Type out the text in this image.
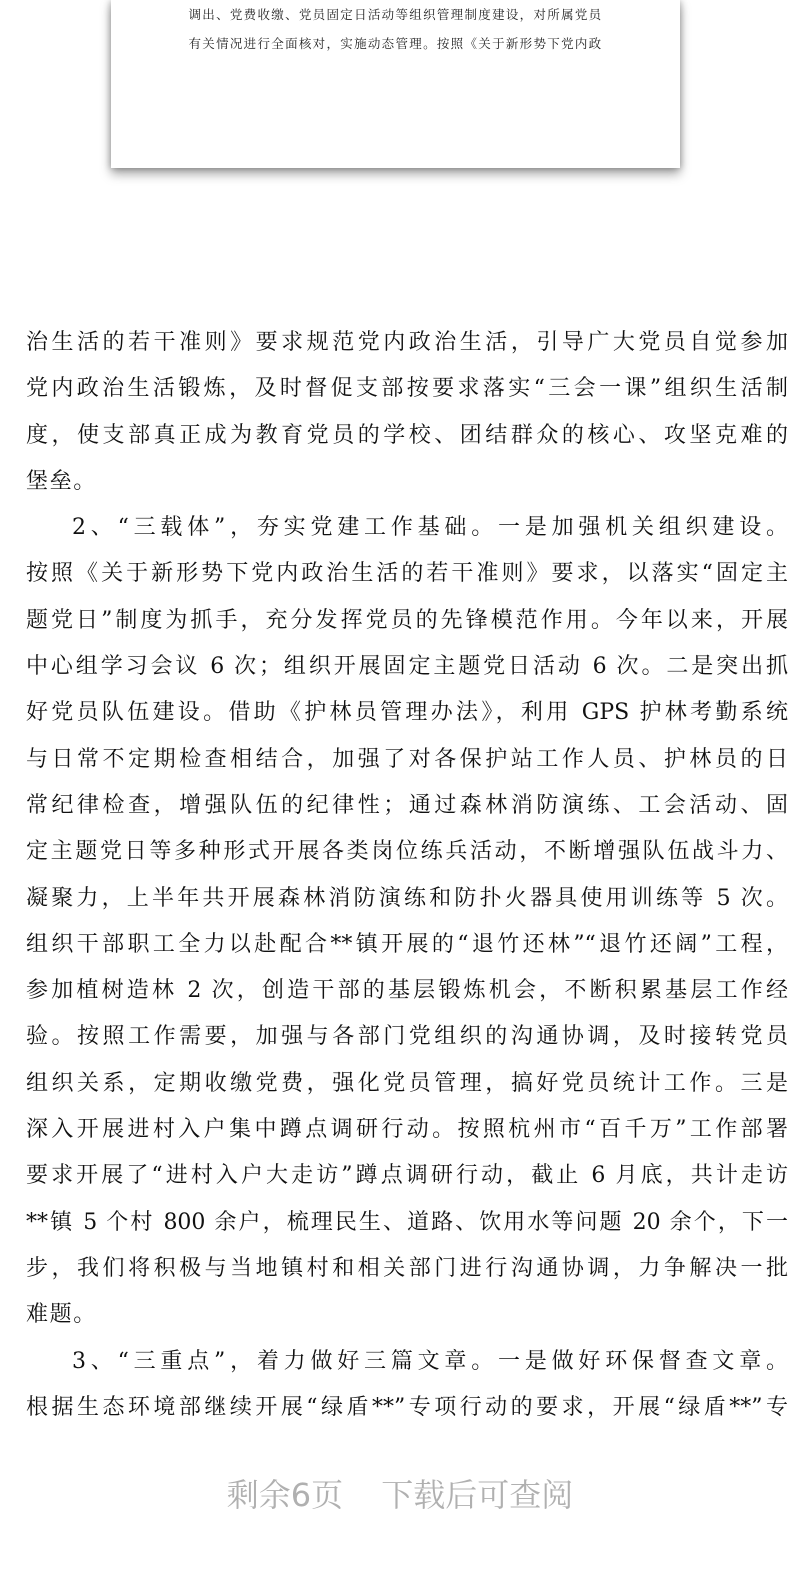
调出、党费收缴、党员固定日活动等组织管理制度建设，对所属党员
有关情况进行全面核对，实施动态管理。按照《关于新形势下党内政
治生活的若干准则》要求规范党内政治生活，引导广大党员自觉参加
党内政治生活锻炼，及时督促支部按要求落实“三会一课”组织生活制
度，使支部真正成为教育党员的学校、团结群众的核心、攻坚克难的
堡垒。
2、“三载体”，夯实党建工作基础。一是加强机关组织建设。
按照《关于新形势下党内政治生活的若干准则》要求，以落实“固定主
题党日”制度为抓手，充分发挥党员的先锋模范作用。今年以来，开展
中心组学习会议 6 次；组织开展固定主题党日活动 6 次。二是突出抓
好党员队伍建设。借助《护林员管理办法》，利用 GPS 护林考勤系统
与日常不定期检查相结合，加强了对各保护站工作人员、护林员的日
常纪律检查，增强队伍的纪律性；通过森林消防演练、工会活动、固
定主题党日等多种形式开展各类岗位练兵活动，不断增强队伍战斗力、
凝聚力，上半年共开展森林消防演练和防扑火器具使用训练等 5 次。
组织干部职工全力以赴配合**镇开展的“退竹还林”“退竹还阔”工程，
参加植树造林 2 次，创造干部的基层锻炼机会，不断积累基层工作经
验。按照工作需要，加强与各部门党组织的沟通协调，及时接转党员
组织关系，定期收缴党费，强化党员管理，搞好党员统计工作。三是
深入开展进村入户集中蹲点调研行动。按照杭州市“百千万”工作部署
要求开展了“进村入户大走访”蹲点调研行动，截止 6 月底，共计走访
**镇 5 个村 800 余户，梳理民生、道路、饮用水等问题 20 余个，下一
步，我们将积极与当地镇村和相关部门进行沟通协调，力争解决一批
难题。
3、“三重点”，着力做好三篇文章。一是做好环保督查文章。
根据生态环境部继续开展“绿盾**”专项行动的要求，开展“绿盾**”专
剩余6页 下载后可查阅
